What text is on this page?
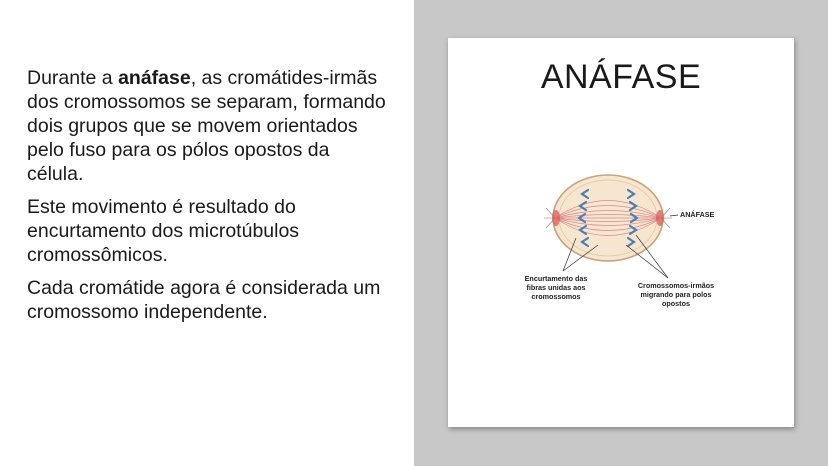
Durante a anáfase, as cromátides-irmãs dos cromossomos se separam, formando dois grupos que se movem orientados pelo fuso para os pólos opostos da célula.

Este movimento é resultado do encurtamento dos microtúbulos cromossômicos.

Cada cromátide agora é considerada um cromossomo independente.

ANÁFASE
ANÁFASE
Encurtamento das
fibras unidas aos
cromossomos
Cromossomos-irmãos
migrando para polos
opostos
